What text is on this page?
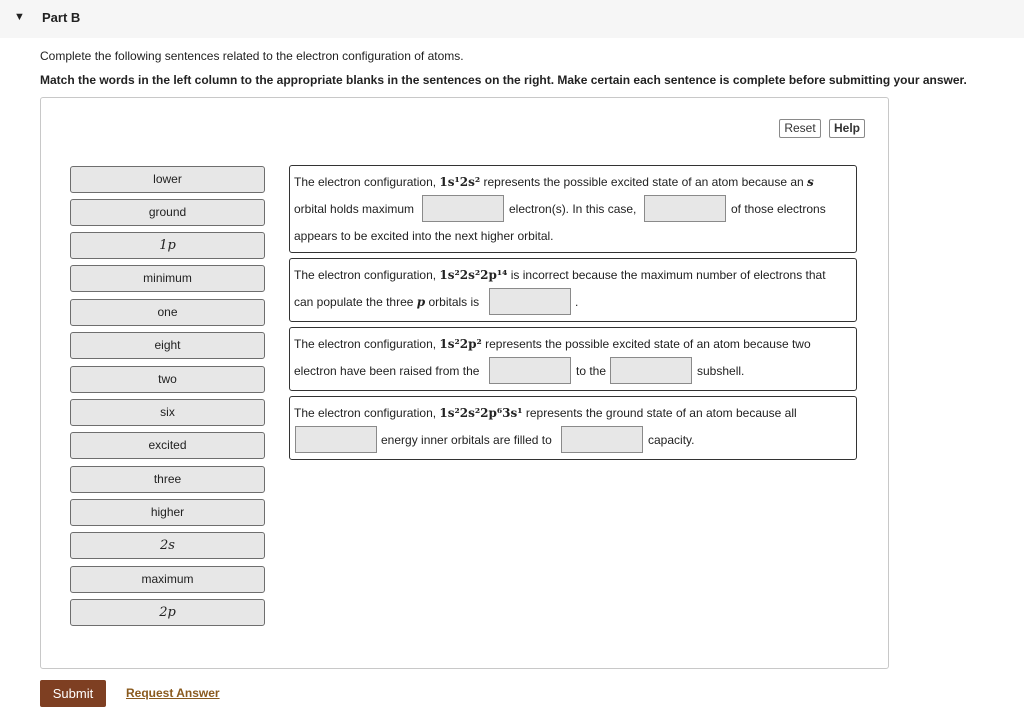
▼ Part B
Complete the following sentences related to the electron configuration of atoms.
Match the words in the left column to the appropriate blanks in the sentences on the right. Make certain each sentence is complete before submitting your answer.
Reset	Help
lower
ground
1p
minimum
one
eight
two
six
excited
three
higher
2s
maximum
2p
The electron configuration, 1s¹2s² represents the possible excited state of an atom because an s
orbital holds maximum	electron(s). In this case,	of those electrons
appears to be excited into the next higher orbital.
The electron configuration, 1s²2s²2p¹⁴ is incorrect because the maximum number of electrons that
can populate the three p orbitals is	.
The electron configuration, 1s²2p² represents the possible excited state of an atom because two
electron have been raised from the	to the	subshell.
The electron configuration, 1s²2s²2p⁶3s¹ represents the ground state of an atom because all
energy inner orbitals are filled to	capacity.
Submit	Request Answer
